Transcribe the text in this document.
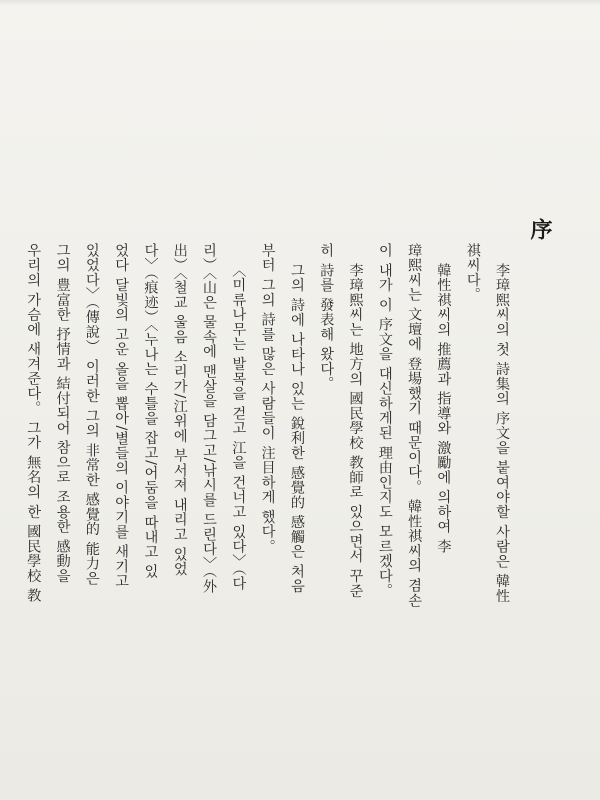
序
李璋熙씨의 첫 詩集의 序文을 붙여야할 사람은 韓性
祺씨다。
韓性祺씨의 推薦과 指導와 激勵에 의하여 李
璋熙씨는 文壇에 登場했기 때문이다。 韓性祺씨의 겸손
이 내가 이 序文을 대신하게된 理由인지도 모르겠다。
李璋熙씨는 地方의 國民學校 教師로 있으면서 꾸준
히 詩를 發表해 왔다。
그의 詩에 나타나 있는 銳利한 感覺的 感觸은 처음
부터 그의 詩를 많은 사람들이 注目하게 했다。
〈미류나무는 발목을 걷고 江을 건너고 있다〉（다
리）〈山은 물속에 맨살을 담그고/낚시를 드린다〉（外
出）〈철교 울음 소리가/江위에 부서져 내리고 있었
다〉（痕迹）〈누나는 수틀을 잡고/어둠을 따내고 있
었다 달빛의 고운 올을 뽑아/별들의 이야기를 새기고
있었다〉（傳說） 이러한 그의 非常한 感覺的 能力은
그의 豊富한 抒情과 結付되어 참으로 조용한 感動을
우리의 가슴에 새겨준다。 그가 無名의 한 國民學校 教
